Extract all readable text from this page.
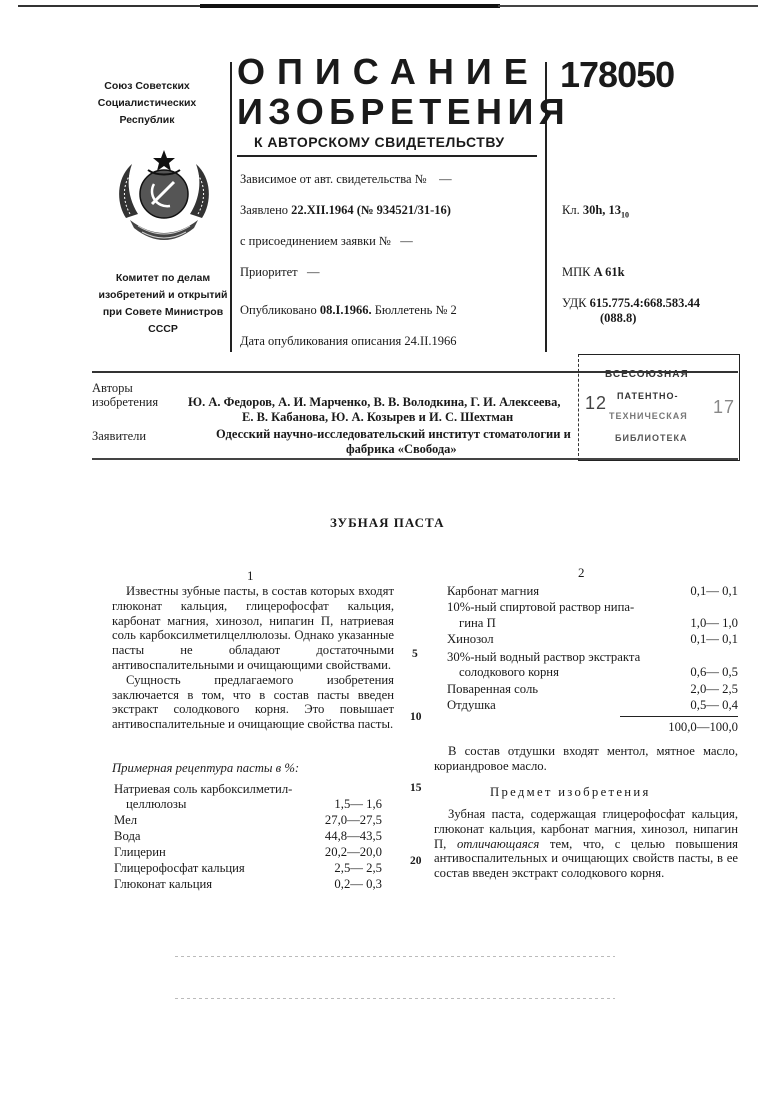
Союз Советских
Социалистических
Республик
Комитет по делам
изобретений и открытий
при Совете Министров
СССР
ОПИСАНИЕ
ИЗОБРЕТЕНИЯ
К АВТОРСКОМУ СВИДЕТЕЛЬСТВУ
178050
Зависимое от авт. свидетельства № —
Заявлено 22.XII.1964 (№ 934521/31-16)
с присоединением заявки № —
Приоритет —
Опубликовано 08.I.1966. Бюллетень № 2
Дата опубликования описания 24.II.1966
Кл. 30h, 1310
МПК A 61k
УДК 615.775.4:668.583.44
(088.8)
Авторы
изобретения Ю. А. Федоров, А. И. Марченко, В. В. Володкина, Г. И. Алексеева,
Е. В. Кабанова, Ю. А. Козырев и И. С. Шехтман
Заявители	Одесский научно-исследовательский институт стоматологии и
фабрика «Свобода»
ВСЕСОЮЗНАЯ
ПАТЕНТНО-
ТЕХНИЧЕСКАЯ
БИБЛИОТЕКА
12	17
ЗУБНАЯ ПАСТА
1

Известны зубные пасты, в состав которых входят глюконат кальция, глицерофосфат кальция, карбонат магния, хинозол, нипагин П, натриевая соль карбоксилметилцеллюлозы. Однако указанные пасты не обладают достаточными антивоспалительными и очищающими свойствами.

Сущность предлагаемого изобретения заключается в том, что в состав пасты введен экстракт солодкового корня. Это повышает антивоспалительные и очищающие свойства пасты.

Примерная рецептура пасты в %:
Натриевая соль карбоксилметил-
целлюлозы	1,5— 1,6
Мел	27,0—27,5
Вода	44,8—43,5
Глицерин	20,2—20,0
Глицерофосфат кальция	2,5— 2,5
Глюконат кальция	0,2— 0,3
5
10
15
20
2
Карбонат магния	0,1— 0,1
10%-ный спиртовой раствор нипа-
гина П	1,0— 1,0
Хинозол	0,1— 0,1
30%-ный водный раствор экстракта
солодкового корня	0,6— 0,5
Поваренная соль	2,0— 2,5
Отдушка	0,5— 0,4
100,0—100,0

В состав отдушки входят ментол, мятное масло, кориандровое масло.

Предмет изобретения

Зубная паста, содержащая глицерофосфат кальция, глюконат кальция, карбонат магния, хинозол, нипагин П, отличающаяся тем, что, с целью повышения антивоспалительных и очищающих свойств пасты, в ее состав введен экстракт солодкового корня.
